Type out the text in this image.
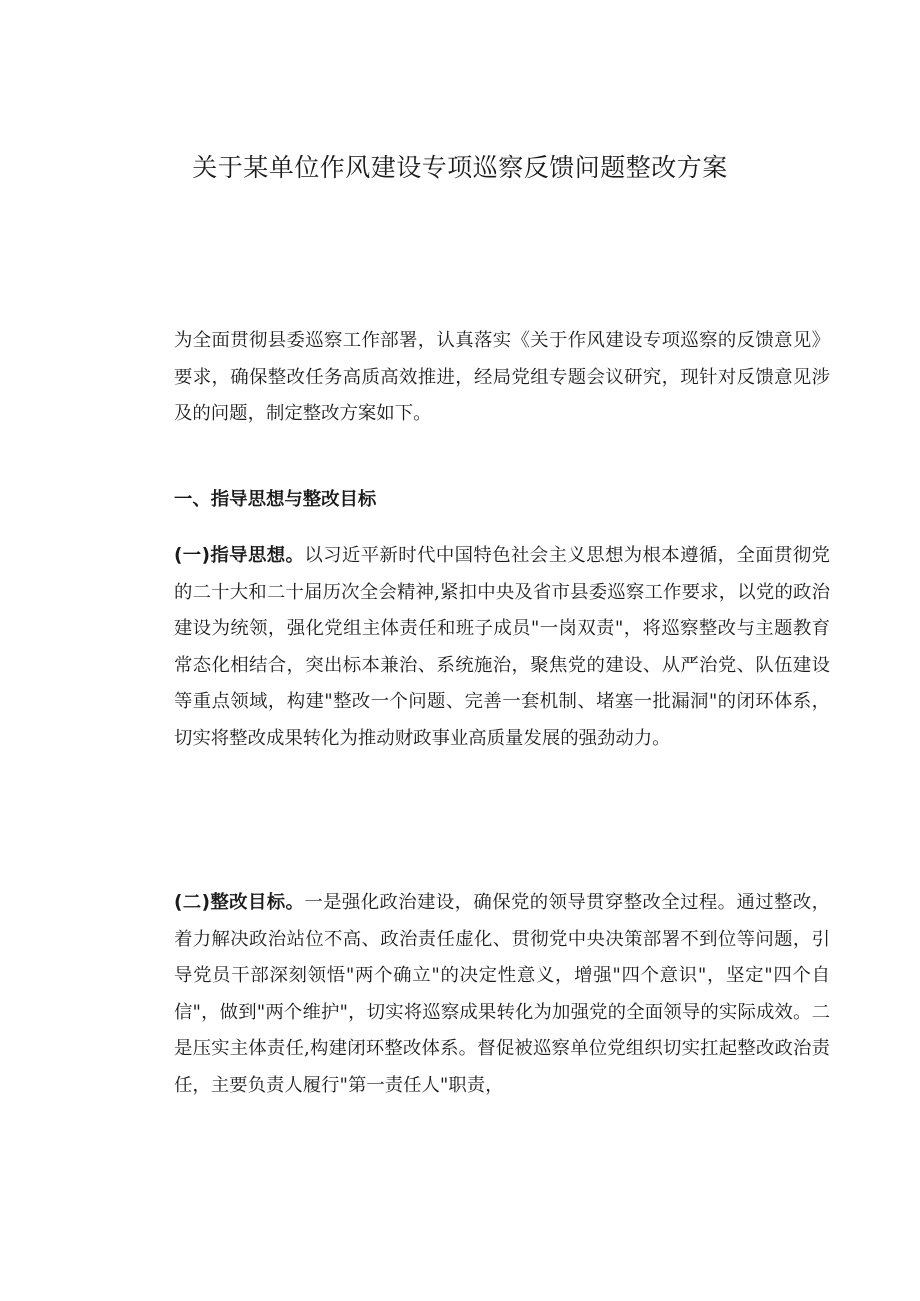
关于某单位作风建设专项巡察反馈问题整改方案

为全面贯彻县委巡察工作部署，认真落实《关于作风建设专项巡察的反馈意见》要求，确保整改任务高质高效推进，经局党组专题会议研究，现针对反馈意见涉及的问题，制定整改方案如下。

一、指导思想与整改目标

(一)指导思想。以习近平新时代中国特色社会主义思想为根本遵循，全面贯彻党的二十大和二十届历次全会精神,紧扣中央及省市县委巡察工作要求，以党的政治建设为统领，强化党组主体责任和班子成员"一岗双责"，将巡察整改与主题教育常态化相结合，突出标本兼治、系统施治，聚焦党的建设、从严治党、队伍建设等重点领域，构建"整改一个问题、完善一套机制、堵塞一批漏洞"的闭环体系，切实将整改成果转化为推动财政事业高质量发展的强劲动力。

(二)整改目标。一是强化政治建设，确保党的领导贯穿整改全过程。通过整改，着力解决政治站位不高、政治责任虚化、贯彻党中央决策部署不到位等问题，引导党员干部深刻领悟"两个确立"的决定性意义，增强"四个意识"，坚定"四个自信"，做到"两个维护"，切实将巡察成果转化为加强党的全面领导的实际成效。二是压实主体责任,构建闭环整改体系。督促被巡察单位党组织切实扛起整改政治责任，主要负责人履行"第一责任人"职责，
